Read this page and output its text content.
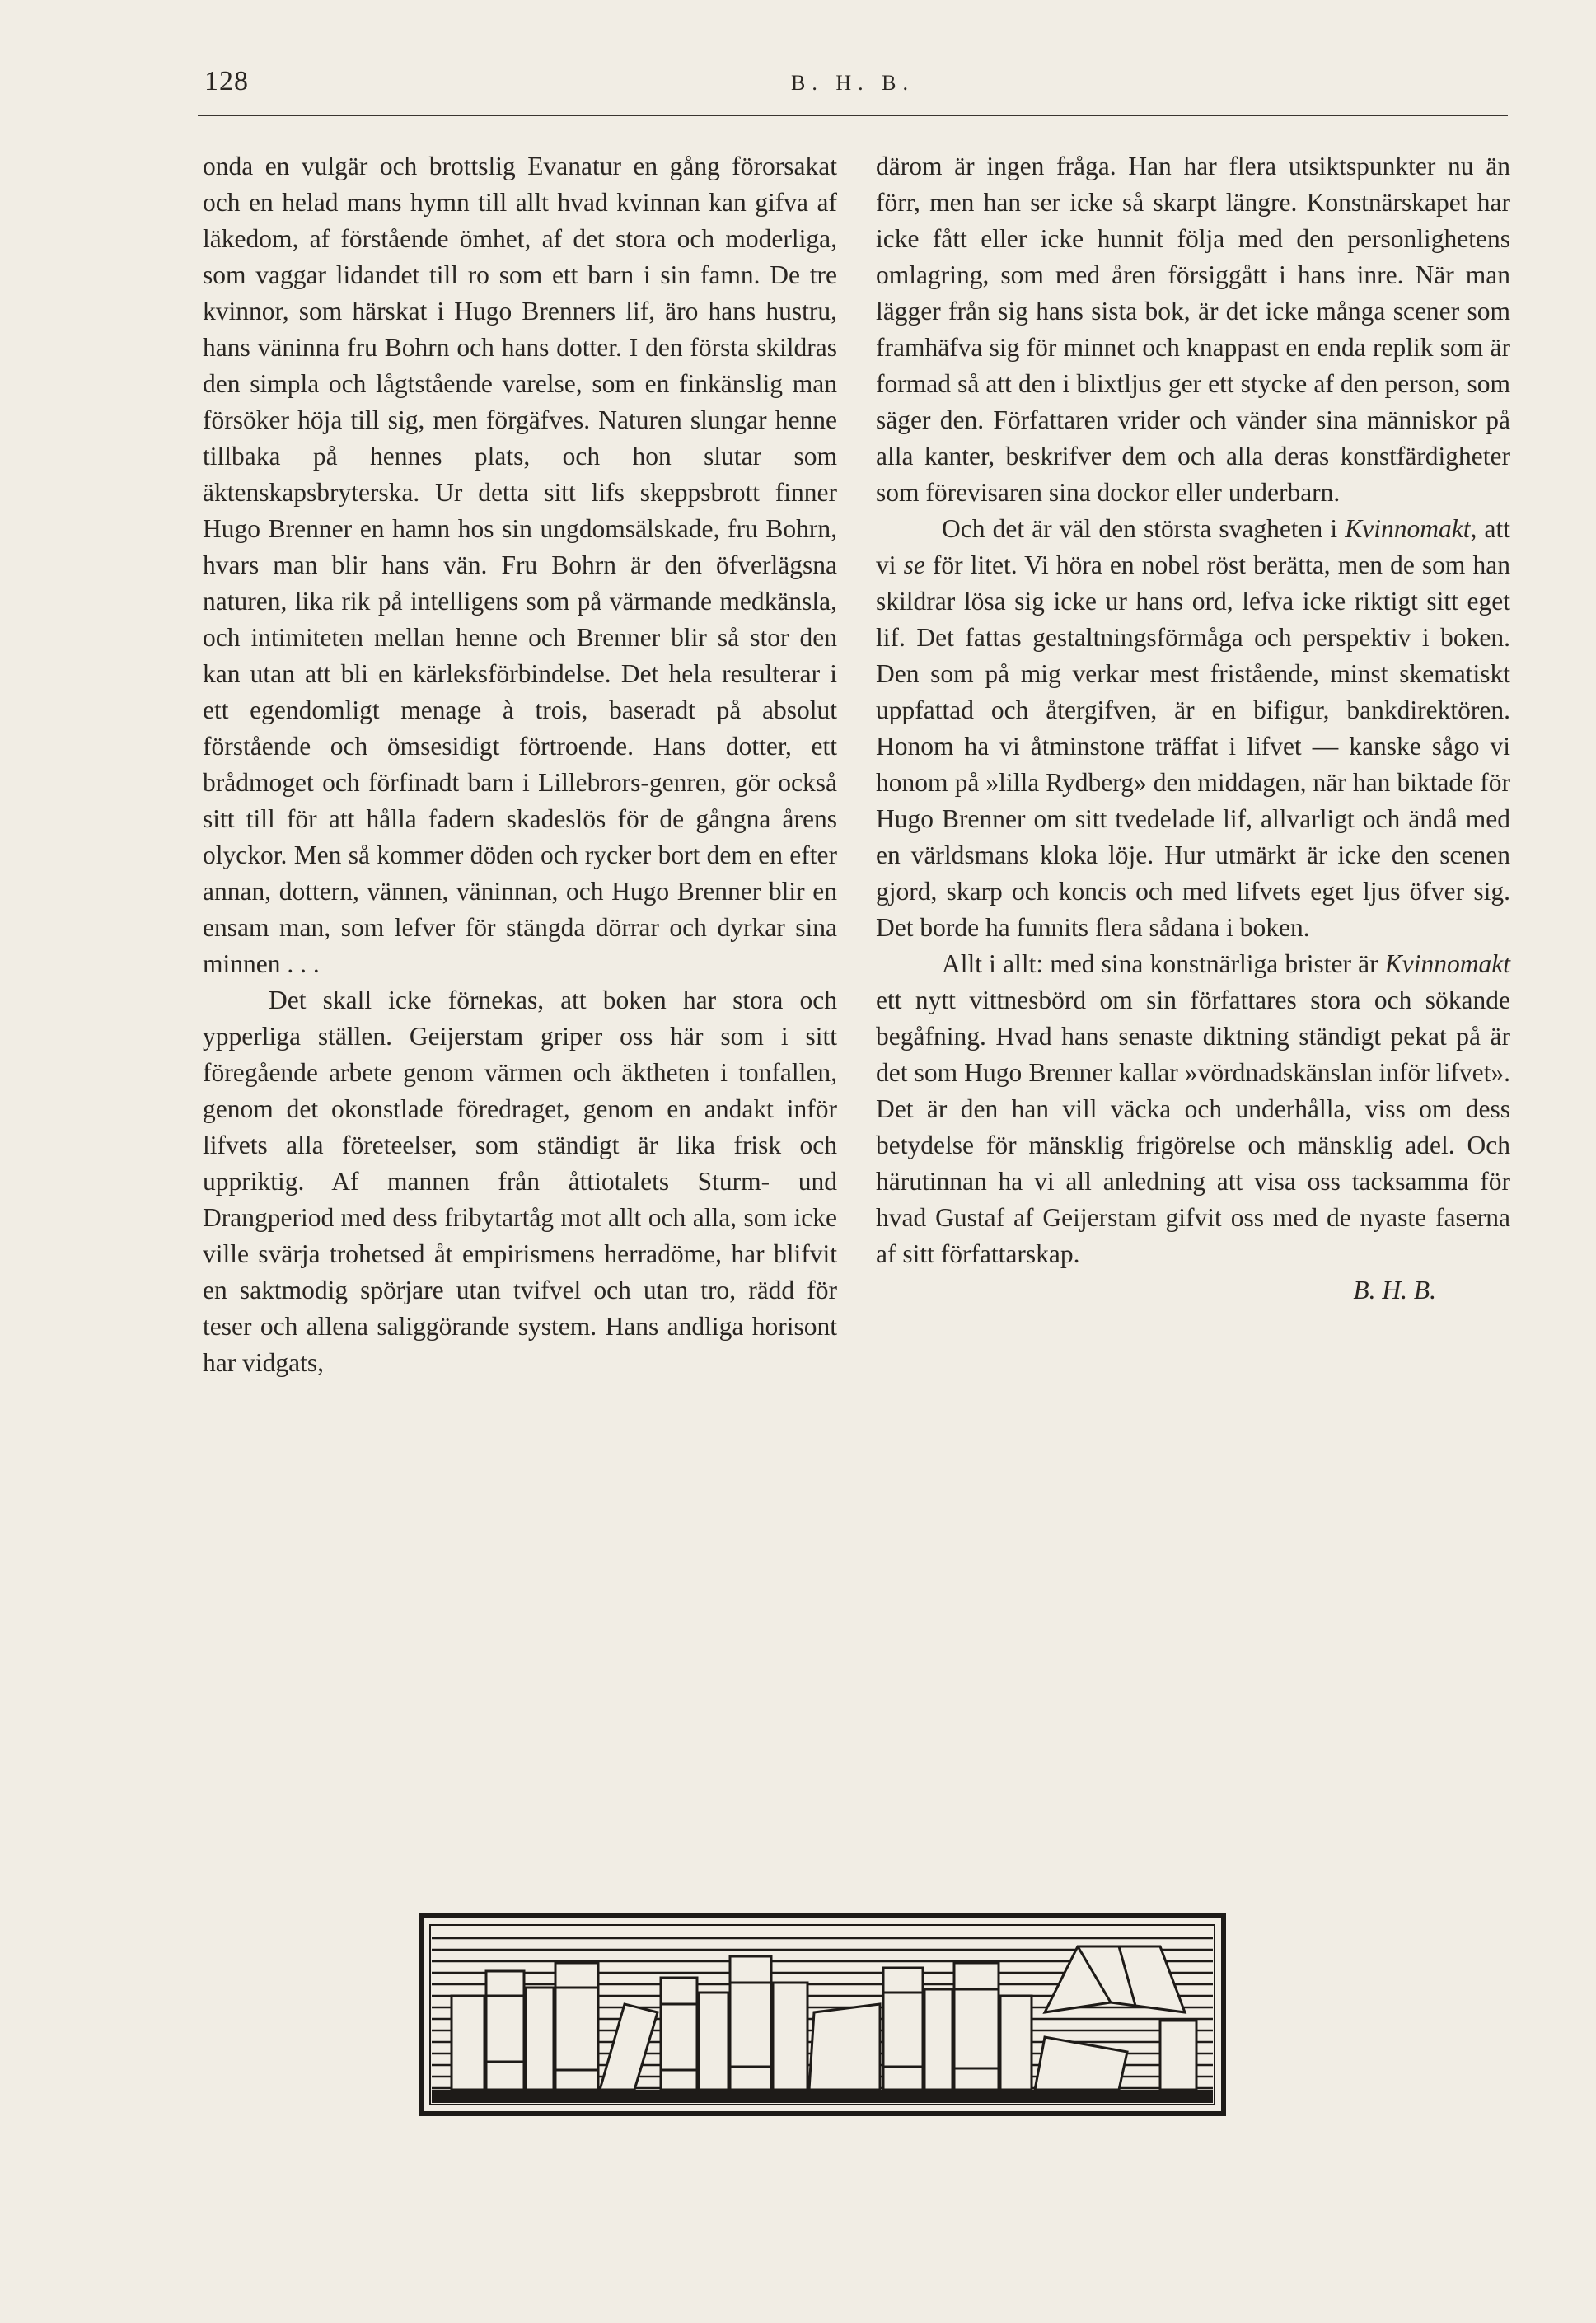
128	B. H. B.

onda en vulgär och brottslig Evanatur en gång förorsakat och en helad mans hymn till allt hvad kvinnan kan gifva af läkedom, af förstående ömhet, af det stora och moderliga, som vaggar lidandet till ro som ett barn i sin famn. De tre kvinnor, som härskat i Hugo Brenners lif, äro hans hustru, hans väninna fru Bohrn och hans dotter. I den första skildras den simpla och lågtstående varelse, som en finkänslig man försöker höja till sig, men förgäfves. Naturen slungar henne tillbaka på hennes plats, och hon slutar som äktenskapsbryterska. Ur detta sitt lifs skeppsbrott finner Hugo Brenner en hamn hos sin ungdomsälskade, fru Bohrn, hvars man blir hans vän. Fru Bohrn är den öfverlägsna naturen, lika rik på intelligens som på värmande medkänsla, och intimiteten mellan henne och Brenner blir så stor den kan utan att bli en kärleksförbindelse. Det hela resulterar i ett egendomligt menage à trois, baseradt på absolut förstående och ömsesidigt förtroende. Hans dotter, ett brådmoget och förfinadt barn i Lillebrors-genren, gör också sitt till för att hålla fadern skadeslös för de gångna årens olyckor. Men så kommer döden och rycker bort dem en efter annan, dottern, vännen, väninnan, och Hugo Brenner blir en ensam man, som lefver för stängda dörrar och dyrkar sina minnen . . .

Det skall icke förnekas, att boken har stora och ypperliga ställen. Geijerstam griper oss här som i sitt föregående arbete genom värmen och äktheten i tonfallen, genom det okonstlade föredraget, genom en andakt inför lifvets alla företeelser, som ständigt är lika frisk och uppriktig. Af mannen från åttiotalets Sturm- und Drangperiod med dess fribytartåg mot allt och alla, som icke ville svärja trohetsed åt empirismens herradöme, har blifvit en saktmodig spörjare utan tvifvel och utan tro, rädd för teser och allena saliggörande system. Hans andliga horisont har vidgats,

därom är ingen fråga. Han har flera utsiktspunkter nu än förr, men han ser icke så skarpt längre. Konstnärskapet har icke fått eller icke hunnit följa med den personlighetens omlagring, som med åren försiggått i hans inre. När man lägger från sig hans sista bok, är det icke många scener som framhäfva sig för minnet och knappast en enda replik som är formad så att den i blixtljus ger ett stycke af den person, som säger den. Författaren vrider och vänder sina människor på alla kanter, beskrifver dem och alla deras konstfärdigheter som förevisaren sina dockor eller underbarn.

Och det är väl den största svagheten i Kvinnomakt, att vi se för litet. Vi höra en nobel röst berätta, men de som han skildrar lösa sig icke ur hans ord, lefva icke riktigt sitt eget lif. Det fattas gestaltningsförmåga och perspektiv i boken. Den som på mig verkar mest fristående, minst skematiskt uppfattad och återgifven, är en bifigur, bankdirektören. Honom ha vi åtminstone träffat i lifvet — kanske sågo vi honom på »lilla Rydberg» den middagen, när han biktade för Hugo Brenner om sitt tvedelade lif, allvarligt och ändå med en världsmans kloka löje. Hur utmärkt är icke den scenen gjord, skarp och koncis och med lifvets eget ljus öfver sig. Det borde ha funnits flera sådana i boken.

Allt i allt: med sina konstnärliga brister är Kvinnomakt ett nytt vittnesbörd om sin författares stora och sökande begåfning. Hvad hans senaste diktning ständigt pekat på är det som Hugo Brenner kallar »vördnadskänslan inför lifvet». Det är den han vill väcka och underhålla, viss om dess betydelse för mänsklig frigörelse och mänsklig adel. Och härutinnan ha vi all anledning att visa oss tacksamma för hvad Gustaf af Geijerstam gifvit oss med de nyaste faserna af sitt författarskap.

B. H. B.
